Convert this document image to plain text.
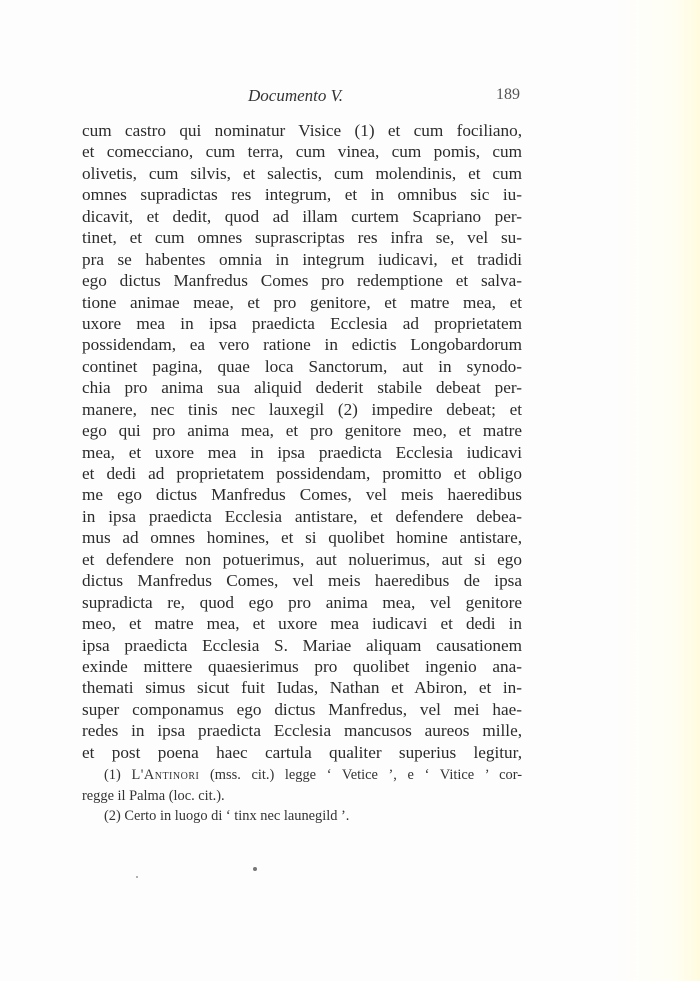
Documento V.	189
cum castro qui nominatur Visice (1) et cum fociliano,
et comecciano, cum terra, cum vinea, cum pomis, cum
olivetis, cum silvis, et salectis, cum molendinis, et cum
omnes supradictas res integrum, et in omnibus sic iu-
dicavit, et dedit, quod ad illam curtem Scapriano per-
tinet, et cum omnes suprascriptas res infra se, vel su-
pra se habentes omnia in integrum iudicavi, et tradidi
ego dictus Manfredus Comes pro redemptione et salva-
tione animae meae, et pro genitore, et matre mea, et
uxore mea in ipsa praedicta Ecclesia ad proprietatem
possidendam, ea vero ratione in edictis Longobardorum
continet pagina, quae loca Sanctorum, aut in synodo-
chia pro anima sua aliquid dederit stabile debeat per-
manere, nec tinis nec lauxegil (2) impedire debeat; et
ego qui pro anima mea, et pro genitore meo, et matre
mea, et uxore mea in ipsa praedicta Ecclesia iudicavi
et dedi ad proprietatem possidendam, promitto et obligo
me ego dictus Manfredus Comes, vel meis haeredibus
in ipsa praedicta Ecclesia antistare, et defendere debea-
mus ad omnes homines, et si quolibet homine antistare,
et defendere non potuerimus, aut noluerimus, aut si ego
dictus Manfredus Comes, vel meis haeredibus de ipsa
supradicta re, quod ego pro anima mea, vel genitore
meo, et matre mea, et uxore mea iudicavi et dedi in
ipsa praedicta Ecclesia S. Mariae aliquam causationem
exinde mittere quaesierimus pro quolibet ingenio ana-
themati simus sicut fuit Iudas, Nathan et Abiron, et in-
super componamus ego dictus Manfredus, vel mei hae-
redes in ipsa praedicta Ecclesia mancusos aureos mille,
et post poena haec cartula qualiter superius legitur,
(1) L'Antinori (mss. cit.) legge ‘ Vetice ’, e ‘ Vitice ’ cor-
regge il Palma (loc. cit.).
(2) Certo in luogo di ‘ tinx nec launegild ’.
